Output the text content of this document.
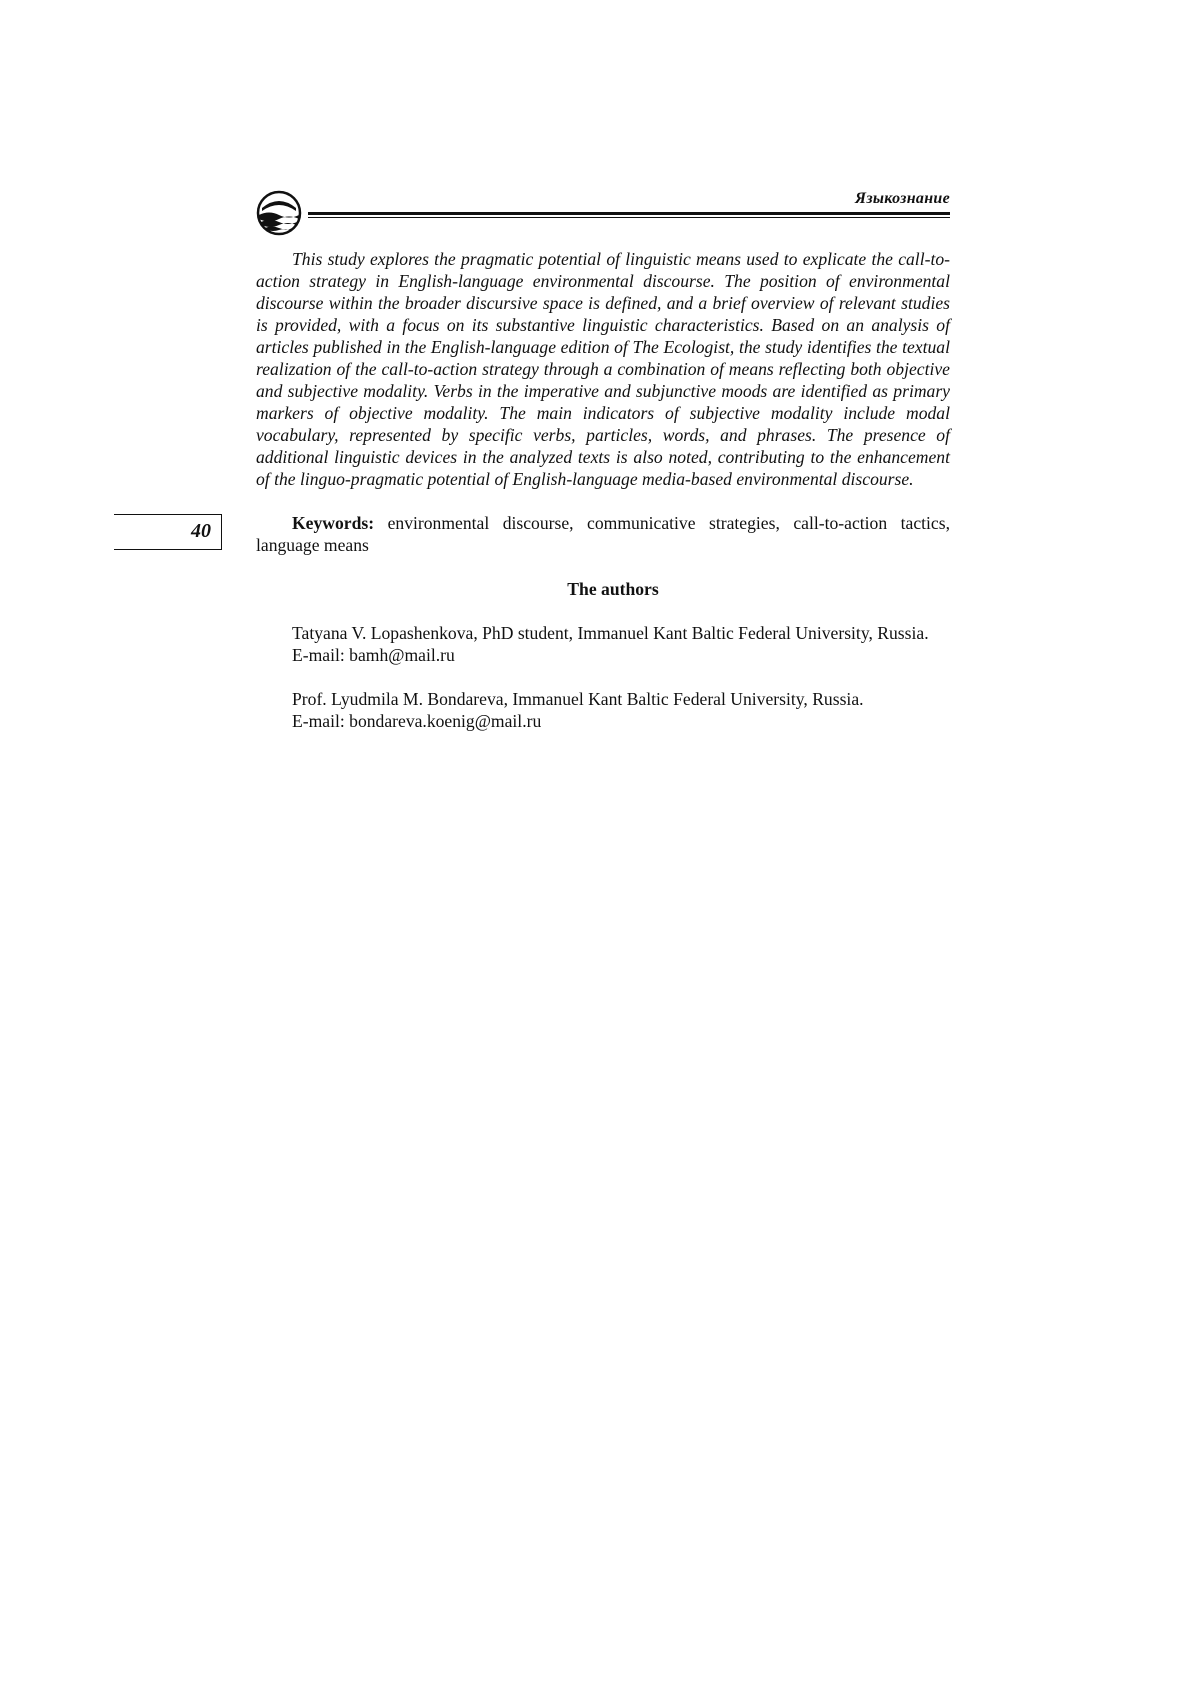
Языкознание
40

This study explores the pragmatic potential of linguistic means used to explicate the call-to-action strategy in English-language environmental discourse. The position of environmental discourse within the broader discursive space is defined, and a brief overview of relevant studies is provided, with a focus on its substantive linguistic characteristics. Based on an analysis of articles published in the English-language edition of The Ecologist, the study identifies the textual realization of the call-to-action strategy through a combination of means reflecting both objective and subjective modality. Verbs in the imperative and subjunctive moods are identified as primary markers of objective modality. The main indicators of subjective modality include modal vocabulary, represented by specific verbs, particles, words, and phrases. The presence of additional linguistic devices in the analyzed texts is also noted, contributing to the enhancement of the linguo-pragmatic potential of English-language media-based environmental discourse.

Keywords: environmental discourse, communicative strategies, call-to-action tactics, language means

The authors

Tatyana V. Lopashenkova, PhD student, Immanuel Kant Baltic Federal University, Russia.

E-mail: bamh@mail.ru

Prof. Lyudmila M. Bondareva, Immanuel Kant Baltic Federal University, Russia.

E-mail: bondareva.koenig@mail.ru
